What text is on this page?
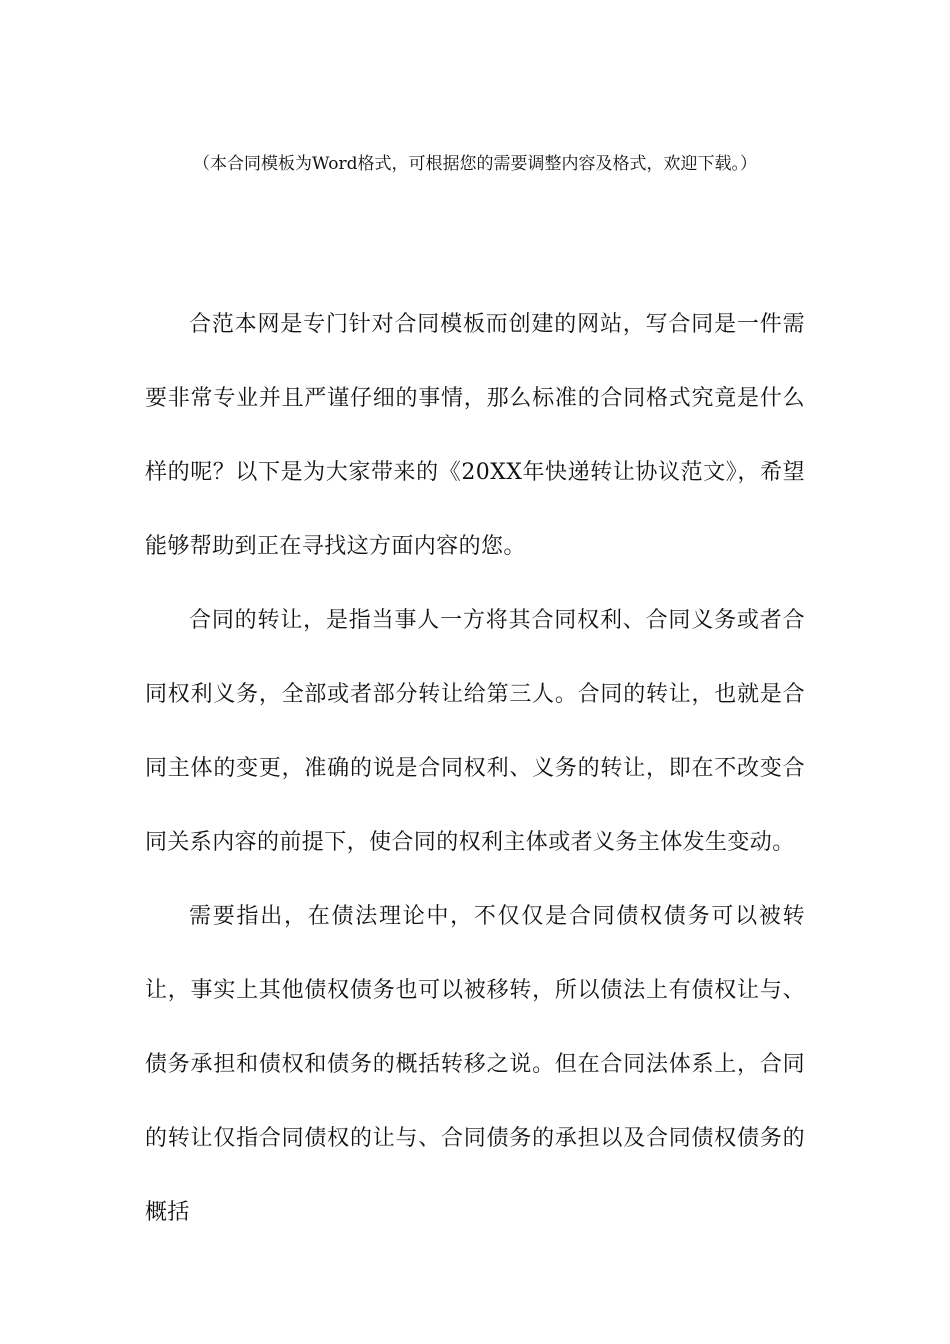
（本合同模板为Word格式，可根据您的需要调整内容及格式，欢迎下载。）

合范本网是专门针对合同模板而创建的网站，写合同是一件需要非常专业并且严谨仔细的事情，那么标准的合同格式究竟是什么样的呢？以下是为大家带来的《20XX年快递转让协议范文》，希望能够帮助到正在寻找这方面内容的您。

合同的转让，是指当事人一方将其合同权利、合同义务或者合同权利义务，全部或者部分转让给第三人。合同的转让，也就是合同主体的变更，准确的说是合同权利、义务的转让，即在不改变合同关系内容的前提下，使合同的权利主体或者义务主体发生变动。

需要指出，在债法理论中，不仅仅是合同债权债务可以被转让，事实上其他债权债务也可以被移转，所以债法上有债权让与、债务承担和债权和债务的概括转移之说。但在合同法体系上，合同的转让仅指合同债权的让与、合同债务的承担以及合同债权债务的概括
